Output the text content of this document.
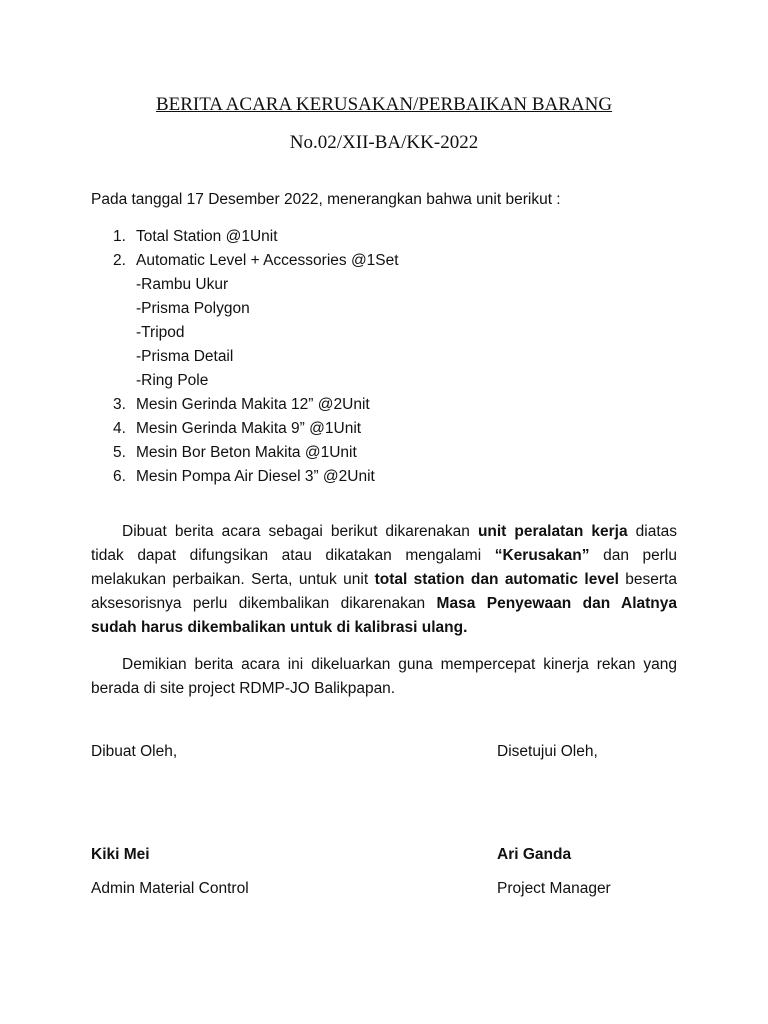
BERITA ACARA KERUSAKAN/PERBAIKAN BARANG
No.02/XII-BA/KK-2022
Pada tanggal 17 Desember 2022, menerangkan bahwa unit berikut :
1. Total Station @1Unit
2. Automatic Level + Accessories @1Set
-Rambu Ukur
-Prisma Polygon
-Tripod
-Prisma Detail
-Ring Pole
3. Mesin Gerinda Makita 12” @2Unit
4. Mesin Gerinda Makita 9” @1Unit
5. Mesin Bor Beton Makita @1Unit
6. Mesin Pompa Air Diesel 3” @2Unit

  Dibuat berita acara sebagai berikut dikarenakan unit peralatan kerja diatas tidak dapat difungsikan atau dikatakan mengalami “Kerusakan” dan perlu melakukan perbaikan. Serta, untuk unit total station dan automatic level beserta aksesorisnya perlu dikembalikan dikarenakan Masa Penyewaan dan Alatnya sudah harus dikembalikan untuk di kalibrasi ulang.

  Demikian berita acara ini dikeluarkan guna mempercepat kinerja rekan yang berada di site project RDMP-JO Balikpapan.

Dibuat Oleh,	Disetujui Oleh,
Kiki Mei	Ari Ganda
Admin Material Control	Project Manager
